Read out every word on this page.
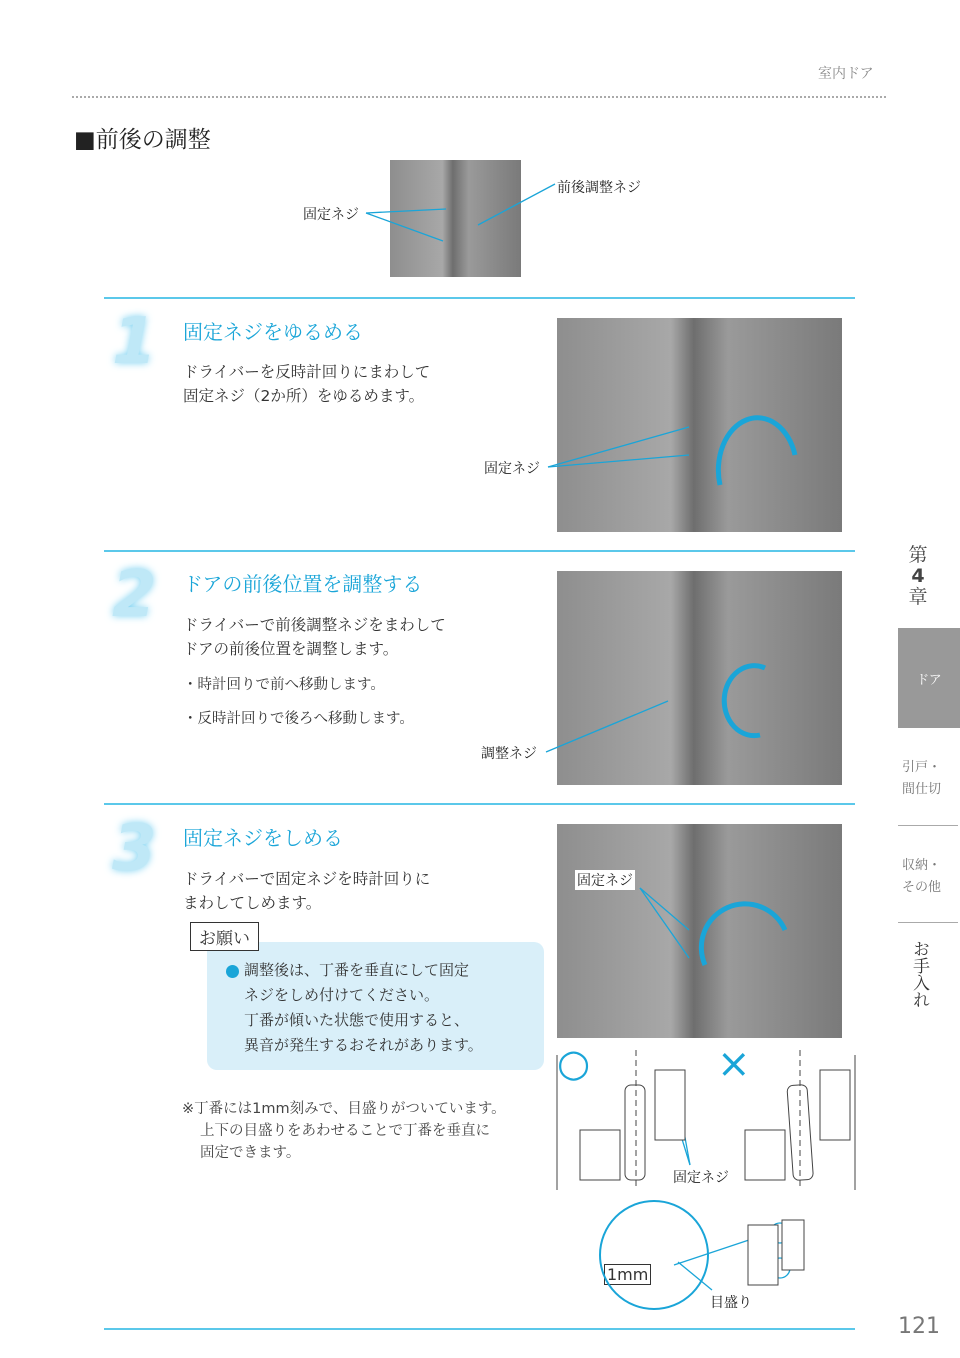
室内ドア
■前後の調整
固定ネジ
前後調整ネジ
1 固定ネジをゆるめる
ドライバーを反時計回りにまわして
固定ネジ（2か所）をゆるめます。
固定ネジ
2 ドアの前後位置を調整する
ドライバーで前後調整ネジをまわして
ドアの前後位置を調整します。
・時計回りで前へ移動します。
・反時計回りで後ろへ移動します。
調整ネジ
3 固定ネジをしめる
ドライバーで固定ネジを時計回りに
まわしてしめます。
固定ネジ
お願い
調整後は、丁番を垂直にして固定
ネジをしめ付けてください。
丁番が傾いた状態で使用すると、
異音が発生するおそれがあります。
※丁番には1mm刻みで、目盛りがついています。
上下の目盛りをあわせることで丁番を垂直に
固定できます。
○	×
固定ネジ
目盛り
1mm
第
4
章
ドア
引戸・
間仕切
収納・
その他
お手入れ
121
